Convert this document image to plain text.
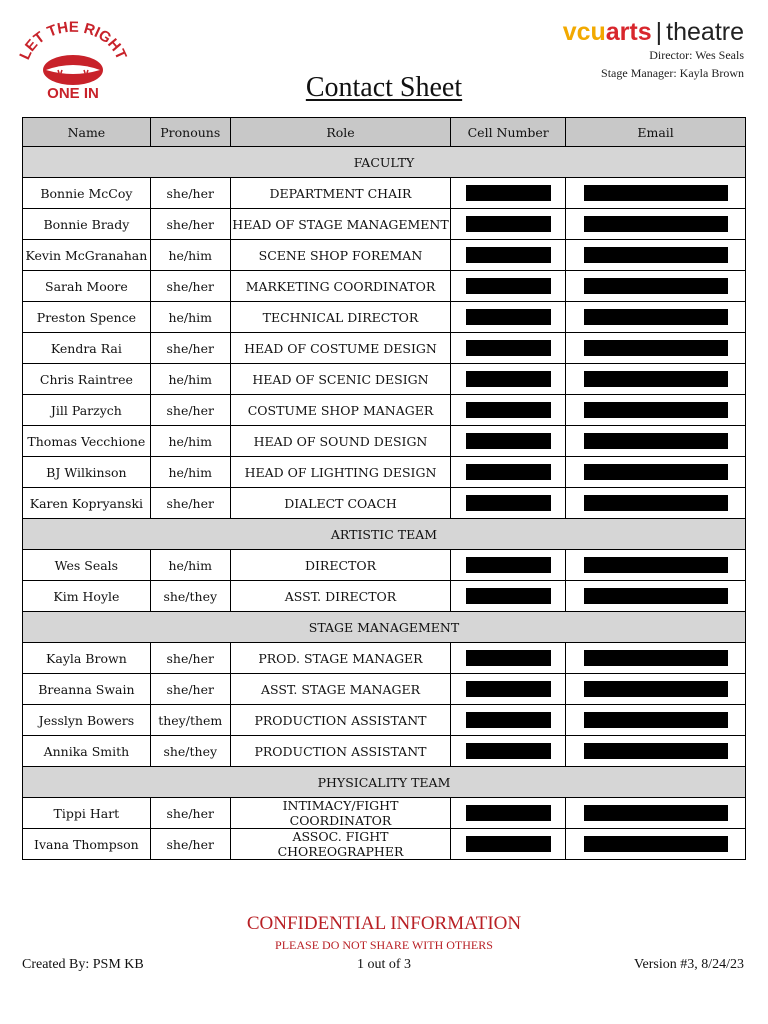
LET THE RIGHT
ONE IN
vcuarts | theatre
Director: Wes Seals
Stage Manager: Kayla Brown
Contact Sheet
Name	Pronouns	Role	Cell Number	Email
FACULTY				
Bonnie McCoy	she/her	DEPARTMENT CHAIR		
Bonnie Brady	she/her	HEAD OF STAGE MANAGEMENT		
Kevin McGranahan	he/him	SCENE SHOP FOREMAN		
Sarah Moore	she/her	MARKETING COORDINATOR		
Preston Spence	he/him	TECHNICAL DIRECTOR		
Kendra Rai	she/her	HEAD OF COSTUME DESIGN		
Chris Raintree	he/him	HEAD OF SCENIC DESIGN		
Jill Parzych	she/her	COSTUME SHOP MANAGER		
Thomas Vecchione	he/him	HEAD OF SOUND DESIGN		
BJ Wilkinson	he/him	HEAD OF LIGHTING DESIGN		
Karen Kopryanski	she/her	DIALECT COACH		
ARTISTIC TEAM				
Wes Seals	he/him	DIRECTOR		
Kim Hoyle	she/they	ASST. DIRECTOR		
STAGE MANAGEMENT				
Kayla Brown	she/her	PROD. STAGE MANAGER		
Breanna Swain	she/her	ASST. STAGE MANAGER		
Jesslyn Bowers	they/them	PRODUCTION ASSISTANT		
Annika Smith	she/they	PRODUCTION ASSISTANT		
PHYSICALITY TEAM				
Tippi Hart	she/her	INTIMACY/FIGHT COORDINATOR		
Ivana Thompson	she/her	ASSOC. FIGHT CHOREOGRAPHER		
CONFIDENTIAL INFORMATION
PLEASE DO NOT SHARE WITH OTHERS
Created By: PSM KB	1 out of 3	Version #3, 8/24/23
